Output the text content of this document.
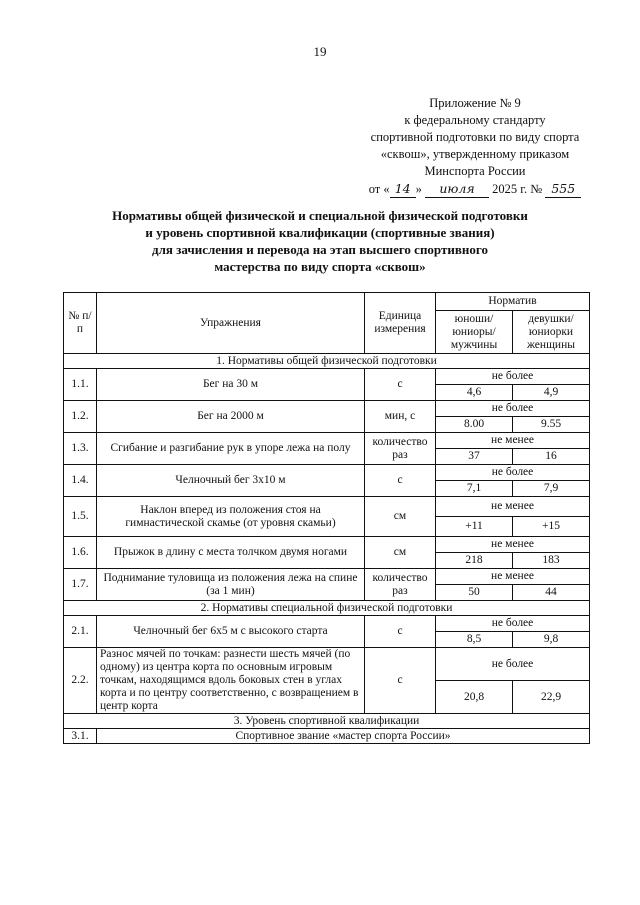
19
Приложение № 9
к федеральному стандарту
спортивной подготовки по виду спорта
«сквош», утвержденному приказом
Минспорта России
от « 14 » июля 2025 г. № 555
Нормативы общей физической и специальной физической подготовки
и уровень спортивной квалификации (спортивные звания)
для зачисления и перевода на этап высшего спортивного
мастерства по виду спорта «сквош»
№ п/п	Упражнения	Единица измерения	Норматив	
			юноши/ юниоры/ мужчины	девушки/ юниорки женщины
1. Нормативы общей физической подготовки				
1.1.	Бег на 30 м	с	не более	
			4,6	4,9
1.2.	Бег на 2000 м	мин, с	не более	
			8.00	9.55
1.3.	Сгибание и разгибание рук в упоре лежа на полу	количество раз	не менее	
			37	16
1.4.	Челночный бег 3х10 м	с	не более	
			7,1	7,9
1.5.	Наклон вперед из положения стоя на гимнастической скамье (от уровня скамьи)	см	не менее	
			+11	+15
1.6.	Прыжок в длину с места толчком двумя ногами	см	не менее	
			218	183
1.7.	Поднимание туловища из положения лежа на спине (за 1 мин)	количество раз	не менее	
			50	44
2. Нормативы специальной физической подготовки				
2.1.	Челночный бег 6х5 м с высокого старта	с	не более	
			8,5	9,8
2.2.	Разнос мячей по точкам: разнести шесть мячей (по одному) из центра корта по основным игровым точкам, находящимся вдоль боковых стен в углах корта и по центру соответственно, с возвращением в центр корта	с	не более	
			20,8	22,9
3. Уровень спортивной квалификации				
3.1.	Спортивное звание «мастер спорта России»			
